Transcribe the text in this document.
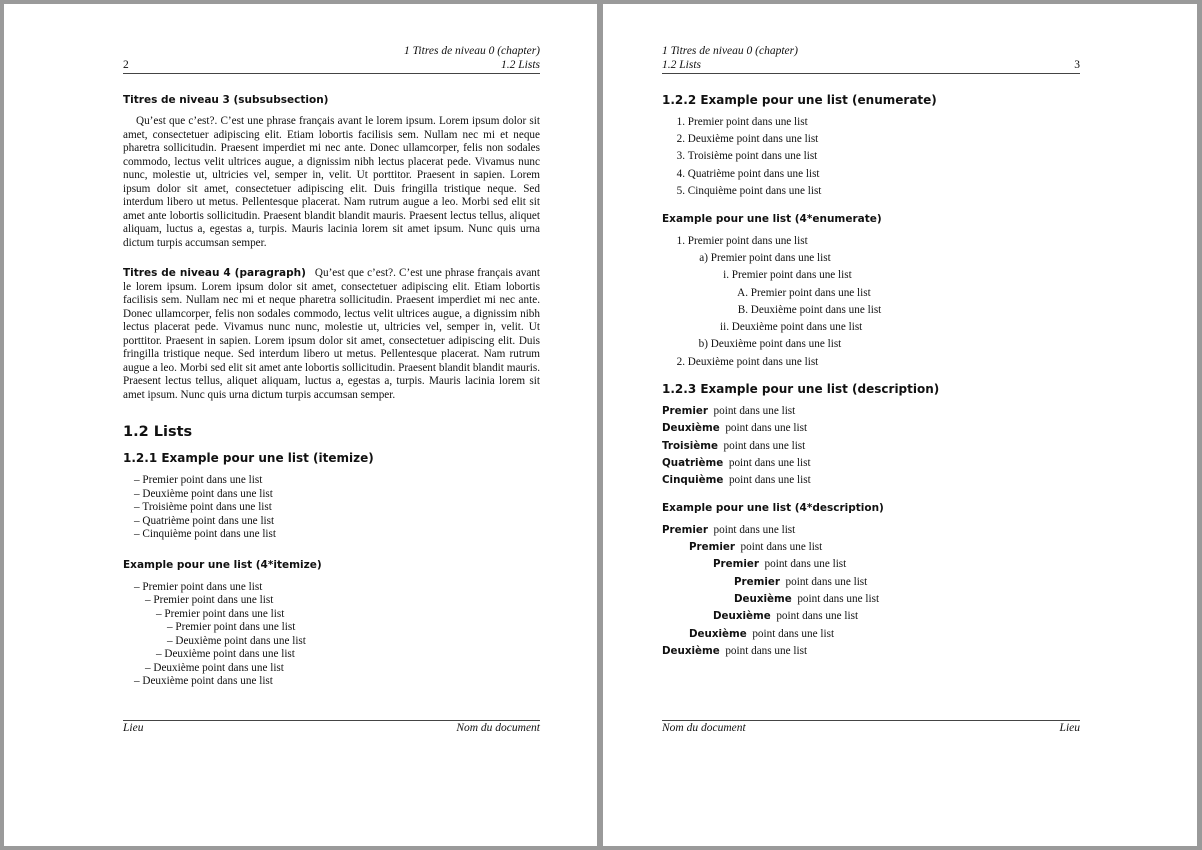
1 Titres de niveau 0 (chapter)
2	1.2 Lists
Titres de niveau 3 (subsubsection)
Qu’est que c’est?. C’est une phrase français avant le lorem ipsum. Lorem ipsum dolor sit amet, consectetuer adipiscing elit. Etiam lobortis facilisis sem. Nullam nec mi et neque pharetra sollicitudin. Praesent imperdiet mi nec ante. Donec ullamcorper, felis non sodales commodo, lectus velit ultrices augue, a dignissim nibh lectus placerat pede. Vivamus nunc nunc, molestie ut, ultricies vel, semper in, velit. Ut porttitor. Praesent in sapien. Lorem ipsum dolor sit amet, consectetuer adipiscing elit. Duis fringilla tristique neque. Sed interdum libero ut metus. Pellentesque placerat. Nam rutrum augue a leo. Morbi sed elit sit amet ante lobortis sollicitudin. Praesent blandit blandit mauris. Praesent lectus tellus, aliquet aliquam, luctus a, egestas a, turpis. Mauris lacinia lorem sit amet ipsum. Nunc quis urna dictum turpis accumsan semper.
Titres de niveau 4 (paragraph) Qu’est que c’est?. C’est une phrase français avant le lorem ipsum. Lorem ipsum dolor sit amet, consectetuer adipiscing elit. Etiam lobortis facilisis sem. Nullam nec mi et neque pharetra sollicitudin. Praesent imperdiet mi nec ante. Donec ullamcorper, felis non sodales commodo, lectus velit ultrices augue, a dignissim nibh lectus placerat pede. Vivamus nunc nunc, molestie ut, ultricies vel, semper in, velit. Ut porttitor. Praesent in sapien. Lorem ipsum dolor sit amet, consectetuer adipiscing elit. Duis fringilla tristique neque. Sed interdum libero ut metus. Pellentesque placerat. Nam rutrum augue a leo. Morbi sed elit sit amet ante lobortis sollicitudin. Praesent blandit blandit mauris. Praesent lectus tellus, aliquet aliquam, luctus a, egestas a, turpis. Mauris lacinia lorem sit amet ipsum. Nunc quis urna dictum turpis accumsan semper.
1.2 Lists
1.2.1 Example pour une list (itemize)
– Premier point dans une list
– Deuxième point dans une list
– Troisième point dans une list
– Quatrième point dans une list
– Cinquième point dans une list
Example pour une list (4*itemize)
– Premier point dans une list
– Premier point dans une list
– Premier point dans une list
– Premier point dans une list
– Deuxième point dans une list
– Deuxième point dans une list
– Deuxième point dans une list
– Deuxième point dans une list
Lieu	Nom du document
1 Titres de niveau 0 (chapter)
1.2 Lists	3
1.2.2 Example pour une list (enumerate)
1. Premier point dans une list
2. Deuxième point dans une list
3. Troisième point dans une list
4. Quatrième point dans une list
5. Cinquième point dans une list
Example pour une list (4*enumerate)
1. Premier point dans une list
a) Premier point dans une list
i. Premier point dans une list
A. Premier point dans une list
B. Deuxième point dans une list
ii. Deuxième point dans une list
b) Deuxième point dans une list
2. Deuxième point dans une list
1.2.3 Example pour une list (description)
Premier point dans une list
Deuxième point dans une list
Troisième point dans une list
Quatrième point dans une list
Cinquième point dans une list
Example pour une list (4*description)
Premier point dans une list
Premier point dans une list
Premier point dans une list
Premier point dans une list
Deuxième point dans une list
Deuxième point dans une list
Deuxième point dans une list
Deuxième point dans une list
Nom du document	Lieu
